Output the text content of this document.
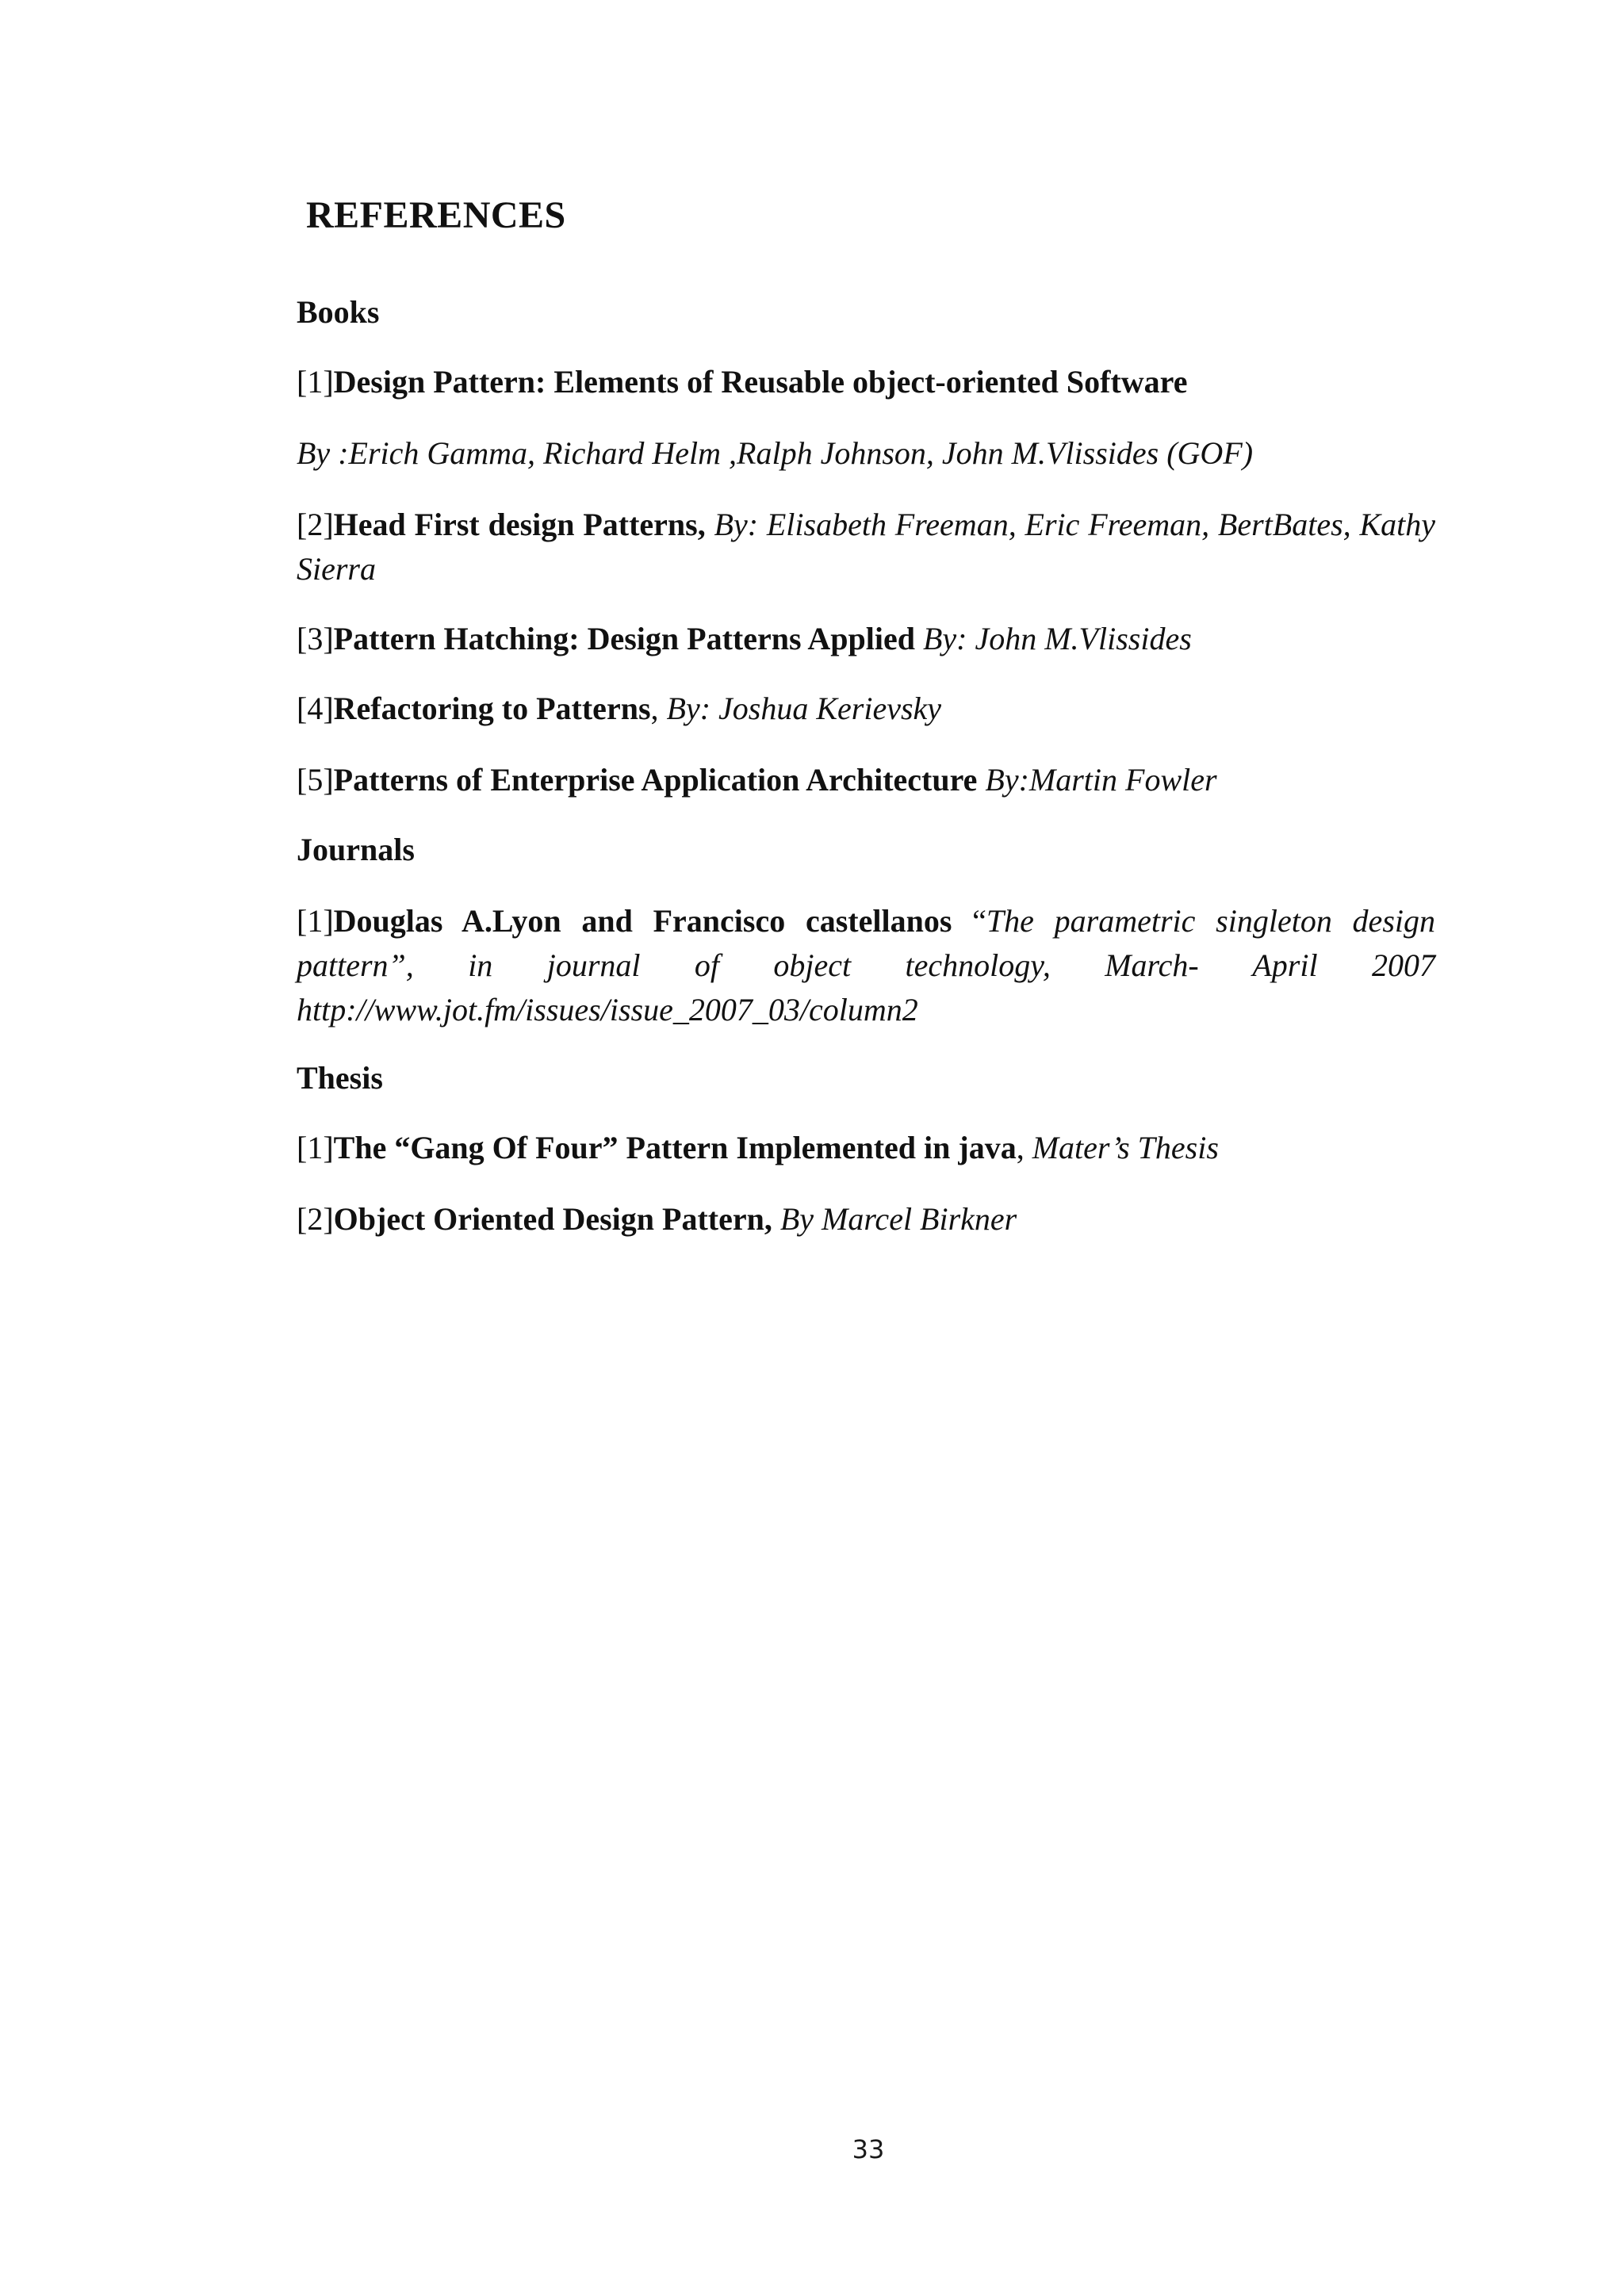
REFERENCES
Books
[1]Design Pattern: Elements of Reusable object-oriented Software
By :Erich Gamma, Richard Helm ,Ralph Johnson, John M.Vlissides (GOF)
[2]Head First design Patterns, By: Elisabeth Freeman, Eric Freeman, BertBates, Kathy Sierra
[3]Pattern Hatching: Design Patterns Applied By: John M.Vlissides
[4]Refactoring to Patterns, By: Joshua Kerievsky
[5]Patterns of Enterprise Application Architecture By:Martin Fowler
Journals
[1]Douglas A.Lyon and Francisco castellanos “The parametric singleton design pattern”, in journal of object technology, March- April 2007 http://www.jot.fm/issues/issue_2007_03/column2
Thesis
[1]The “Gang Of Four” Pattern Implemented in java, Mater’s Thesis
[2]Object Oriented Design Pattern, By Marcel Birkner
33
